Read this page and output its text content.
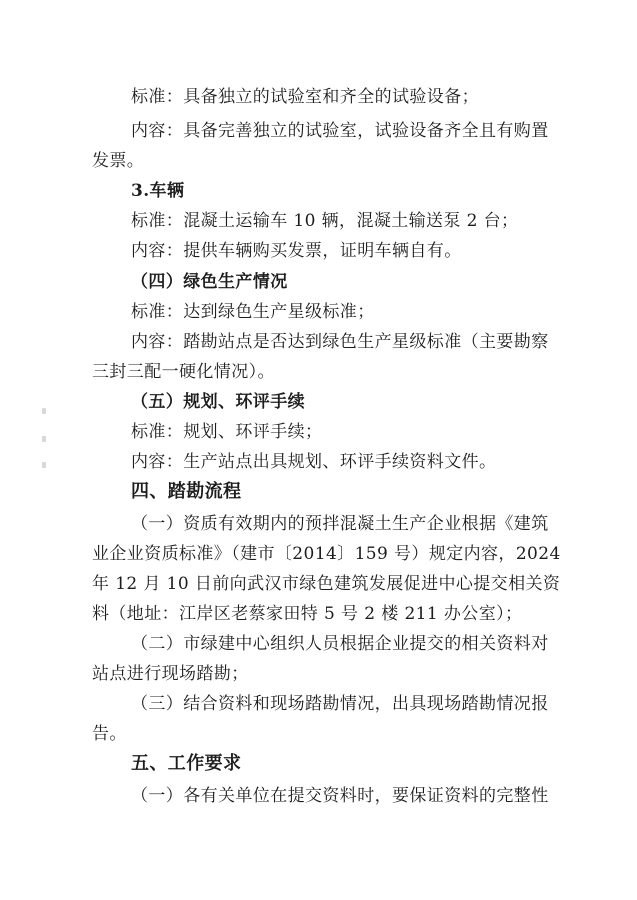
标准：具备独立的试验室和齐全的试验设备；
内容：具备完善独立的试验室，试验设备齐全且有购置
发票。
3.车辆
标准：混凝土运输车 10 辆，混凝土输送泵 2 台；
内容：提供车辆购买发票，证明车辆自有。
（四）绿色生产情况
标准：达到绿色生产星级标准；
内容：踏勘站点是否达到绿色生产星级标准（主要勘察
三封三配一硬化情况）。
（五）规划、环评手续
标准：规划、环评手续；
内容：生产站点出具规划、环评手续资料文件。
四、踏勘流程
（一）资质有效期内的预拌混凝土生产企业根据《建筑
业企业资质标准》（建市〔2014〕159 号）规定内容，2024
年 12 月 10 日前向武汉市绿色建筑发展促进中心提交相关资
料（地址：江岸区老蔡家田特 5 号 2 楼 211 办公室）；
（二）市绿建中心组织人员根据企业提交的相关资料对
站点进行现场踏勘；
（三）结合资料和现场踏勘情况，出具现场踏勘情况报
告。
五、工作要求
（一）各有关单位在提交资料时，要保证资料的完整性
